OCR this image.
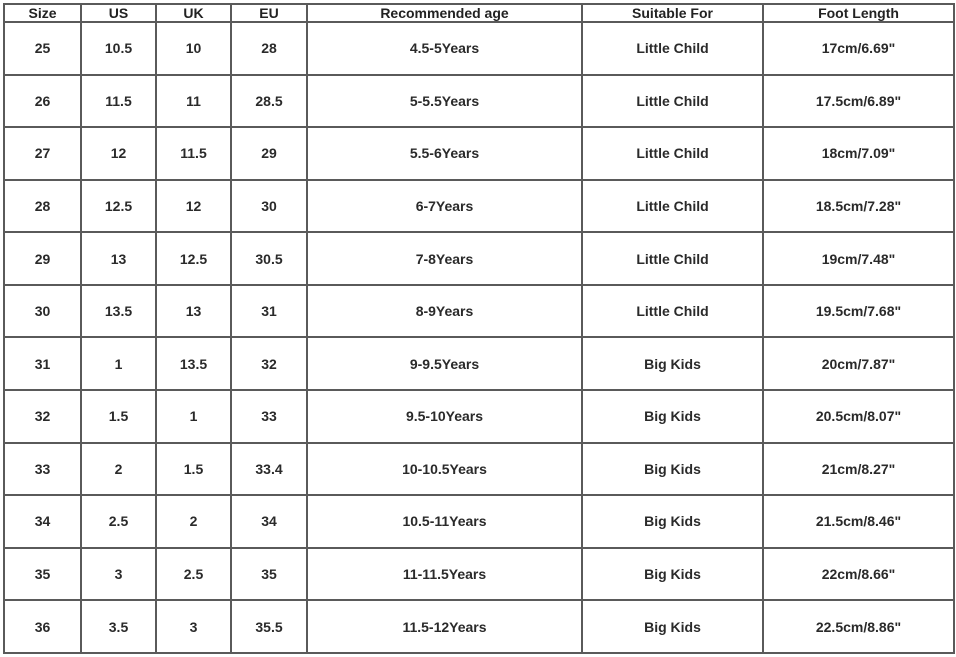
Size	US	UK	EU	Recommended age	Suitable For	Foot Length
25	10.5	10	28	4.5-5Years	Little Child	17cm/6.69"
26	11.5	11	28.5	5-5.5Years	Little Child	17.5cm/6.89"
27	12	11.5	29	5.5-6Years	Little Child	18cm/7.09"
28	12.5	12	30	6-7Years	Little Child	18.5cm/7.28"
29	13	12.5	30.5	7-8Years	Little Child	19cm/7.48"
30	13.5	13	31	8-9Years	Little Child	19.5cm/7.68"
31	1	13.5	32	9-9.5Years	Big Kids	20cm/7.87"
32	1.5	1	33	9.5-10Years	Big Kids	20.5cm/8.07"
33	2	1.5	33.4	10-10.5Years	Big Kids	21cm/8.27"
34	2.5	2	34	10.5-11Years	Big Kids	21.5cm/8.46"
35	3	2.5	35	11-11.5Years	Big Kids	22cm/8.66"
36	3.5	3	35.5	11.5-12Years	Big Kids	22.5cm/8.86"
